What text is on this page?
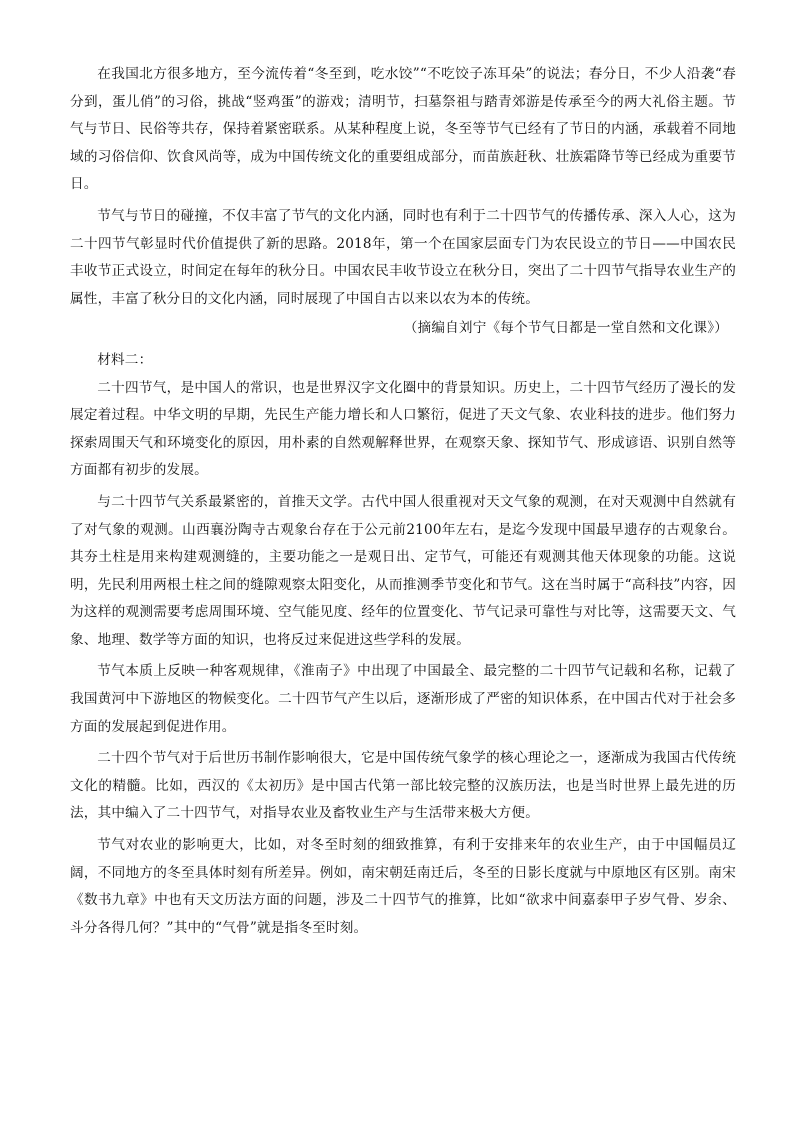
在我国北方很多地方，至今流传着“冬至到，吃水饺”“不吃饺子冻耳朵”的说法；春分日，不少人沿袭“春分到，蛋儿俏”的习俗，挑战“竖鸡蛋”的游戏；清明节，扫墓祭祖与踏青郊游是传承至今的两大礼俗主题。节气与节日、民俗等共存，保持着紧密联系。从某种程度上说，冬至等节气已经有了节日的内涵，承载着不同地域的习俗信仰、饮食风尚等，成为中国传统文化的重要组成部分，而苗族赶秋、壮族霜降节等已经成为重要节日。

节气与节日的碰撞，不仅丰富了节气的文化内涵，同时也有利于二十四节气的传播传承、深入人心，这为二十四节气彰显时代价值提供了新的思路。2018年，第一个在国家层面专门为农民设立的节日——中国农民丰收节正式设立，时间定在每年的秋分日。中国农民丰收节设立在秋分日，突出了二十四节气指导农业生产的属性，丰富了秋分日的文化内涵，同时展现了中国自古以来以农为本的传统。

（摘编自刘宁《每个节气日都是一堂自然和文化课》）

材料二：

二十四节气，是中国人的常识，也是世界汉字文化圈中的背景知识。历史上，二十四节气经历了漫长的发展定着过程。中华文明的早期，先民生产能力增长和人口繁衍，促进了天文气象、农业科技的进步。他们努力探索周围天气和环境变化的原因，用朴素的自然观解释世界，在观察天象、探知节气、形成谚语、识别自然等方面都有初步的发展。

与二十四节气关系最紧密的，首推天文学。古代中国人很重视对天文气象的观测，在对天观测中自然就有了对气象的观测。山西襄汾陶寺古观象台存在于公元前2100年左右，是迄今发现中国最早遗存的古观象台。其夯土柱是用来构建观测缝的，主要功能之一是观日出、定节气，可能还有观测其他天体现象的功能。这说明，先民利用两根土柱之间的缝隙观察太阳变化，从而推测季节变化和节气。这在当时属于“高科技”内容，因为这样的观测需要考虑周围环境、空气能见度、经年的位置变化、节气记录可靠性与对比等，这需要天文、气象、地理、数学等方面的知识，也将反过来促进这些学科的发展。

节气本质上反映一种客观规律，《淮南子》中出现了中国最全、最完整的二十四节气记载和名称，记载了我国黄河中下游地区的物候变化。二十四节气产生以后，逐渐形成了严密的知识体系，在中国古代对于社会多方面的发展起到促进作用。

二十四个节气对于后世历书制作影响很大，它是中国传统气象学的核心理论之一，逐渐成为我国古代传统文化的精髓。比如，西汉的《太初历》是中国古代第一部比较完整的汉族历法，也是当时世界上最先进的历法，其中编入了二十四节气，对指导农业及畜牧业生产与生活带来极大方便。

节气对农业的影响更大，比如，对冬至时刻的细致推算，有利于安排来年的农业生产，由于中国幅员辽阔，不同地方的冬至具体时刻有所差异。例如，南宋朝廷南迁后，冬至的日影长度就与中原地区有区别。南宋《数书九章》中也有天文历法方面的问题，涉及二十四节气的推算，比如“欲求中间嘉泰甲子岁气骨、岁余、斗分各得几何？”其中的“气骨”就是指冬至时刻。
